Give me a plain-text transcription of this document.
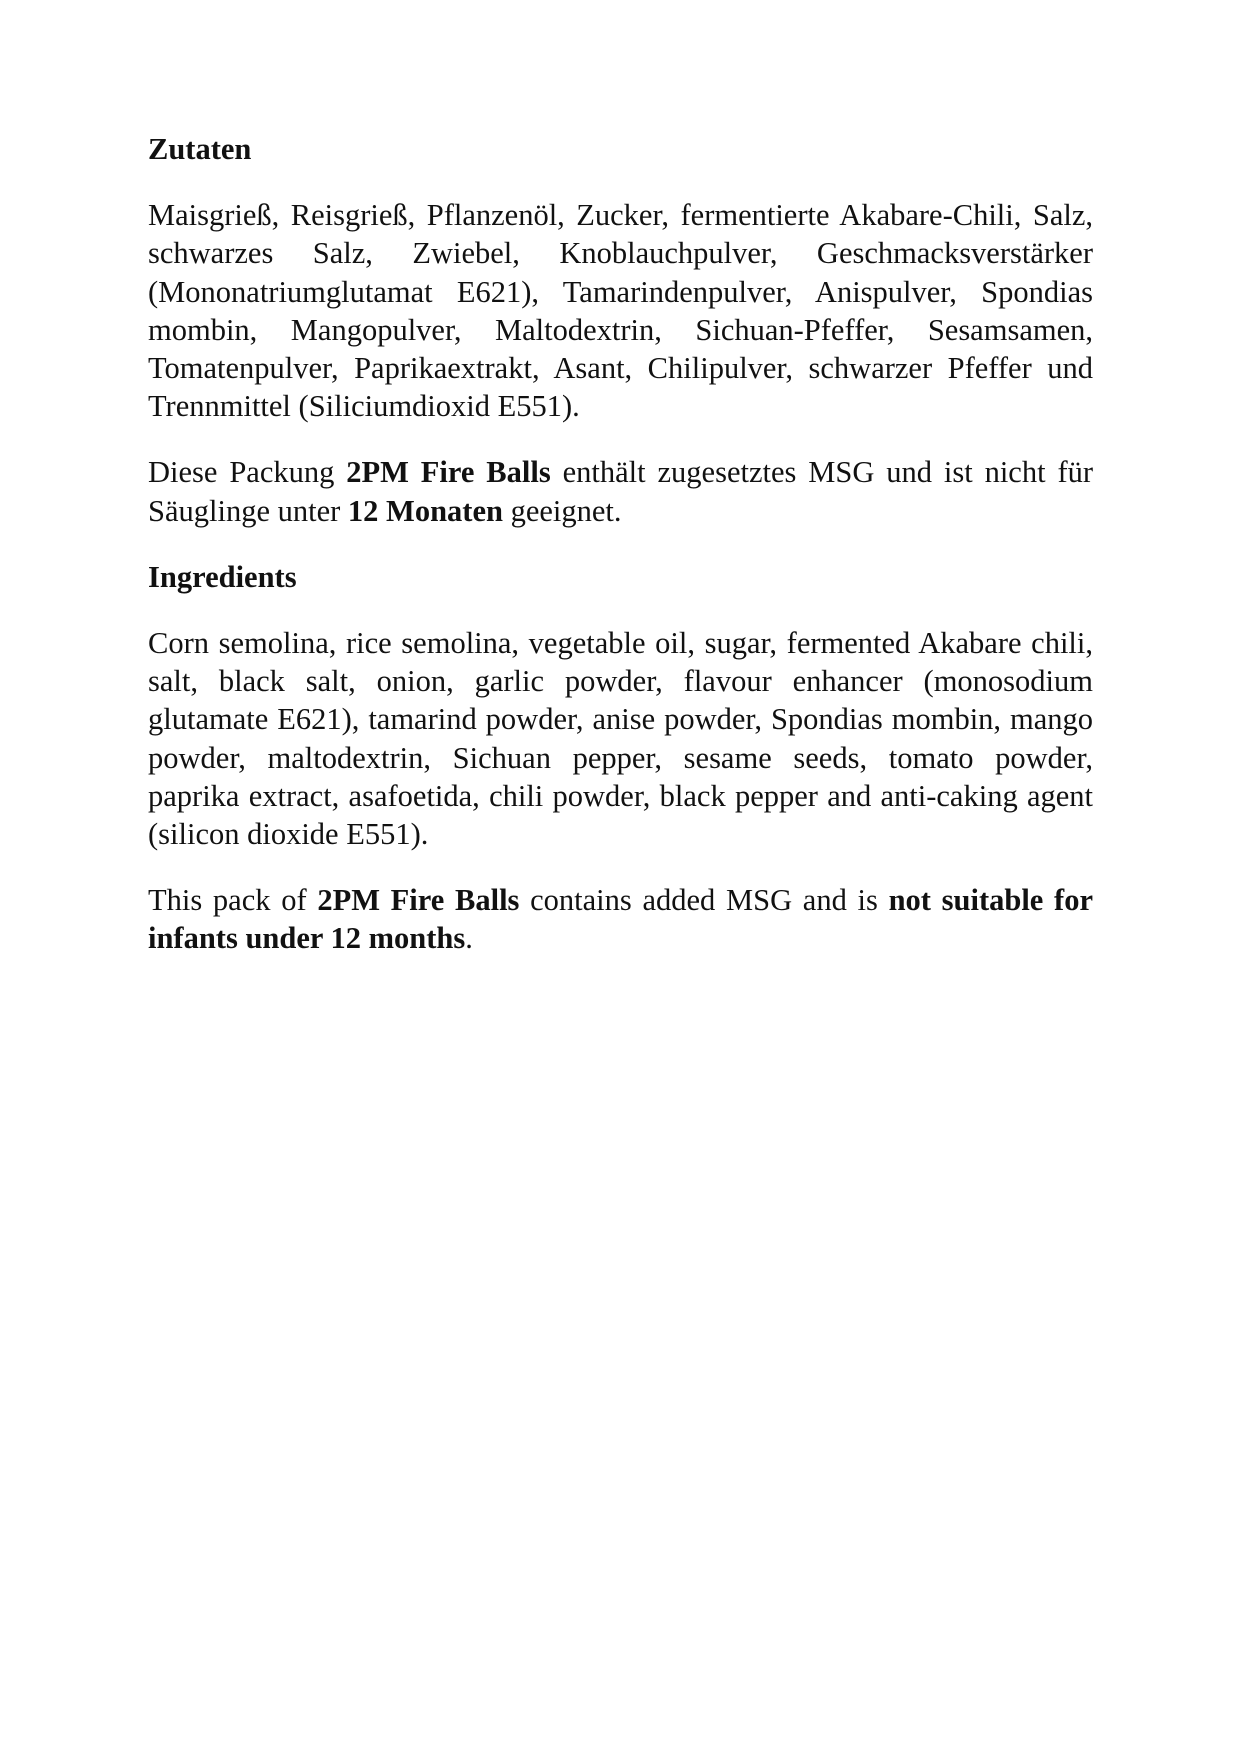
Zutaten
Maisgrieß, Reisgrieß, Pflanzenöl, Zucker, fermentierte Akabare-Chili, Salz, schwarzes Salz, Zwiebel, Knoblauchpulver, Geschmacksverstärker (Mononatriumglutamat E621), Tamarindenpulver, Anispulver, Spondias mombin, Mangopulver, Maltodextrin, Sichuan-Pfeffer, Sesamsamen, Tomatenpulver, Paprikaextrakt, Asant, Chilipulver, schwarzer Pfeffer und Trennmittel (Siliciumdioxid E551).
Diese Packung 2PM Fire Balls enthält zugesetztes MSG und ist nicht für Säuglinge unter 12 Monaten geeignet.
Ingredients
Corn semolina, rice semolina, vegetable oil, sugar, fermented Akabare chili, salt, black salt, onion, garlic powder, flavour enhancer (monosodium glutamate E621), tamarind powder, anise powder, Spondias mombin, mango powder, maltodextrin, Sichuan pepper, sesame seeds, tomato powder, paprika extract, asafoetida, chili powder, black pepper and anti-caking agent (silicon dioxide E551).
This pack of 2PM Fire Balls contains added MSG and is not suitable for infants under 12 months.
